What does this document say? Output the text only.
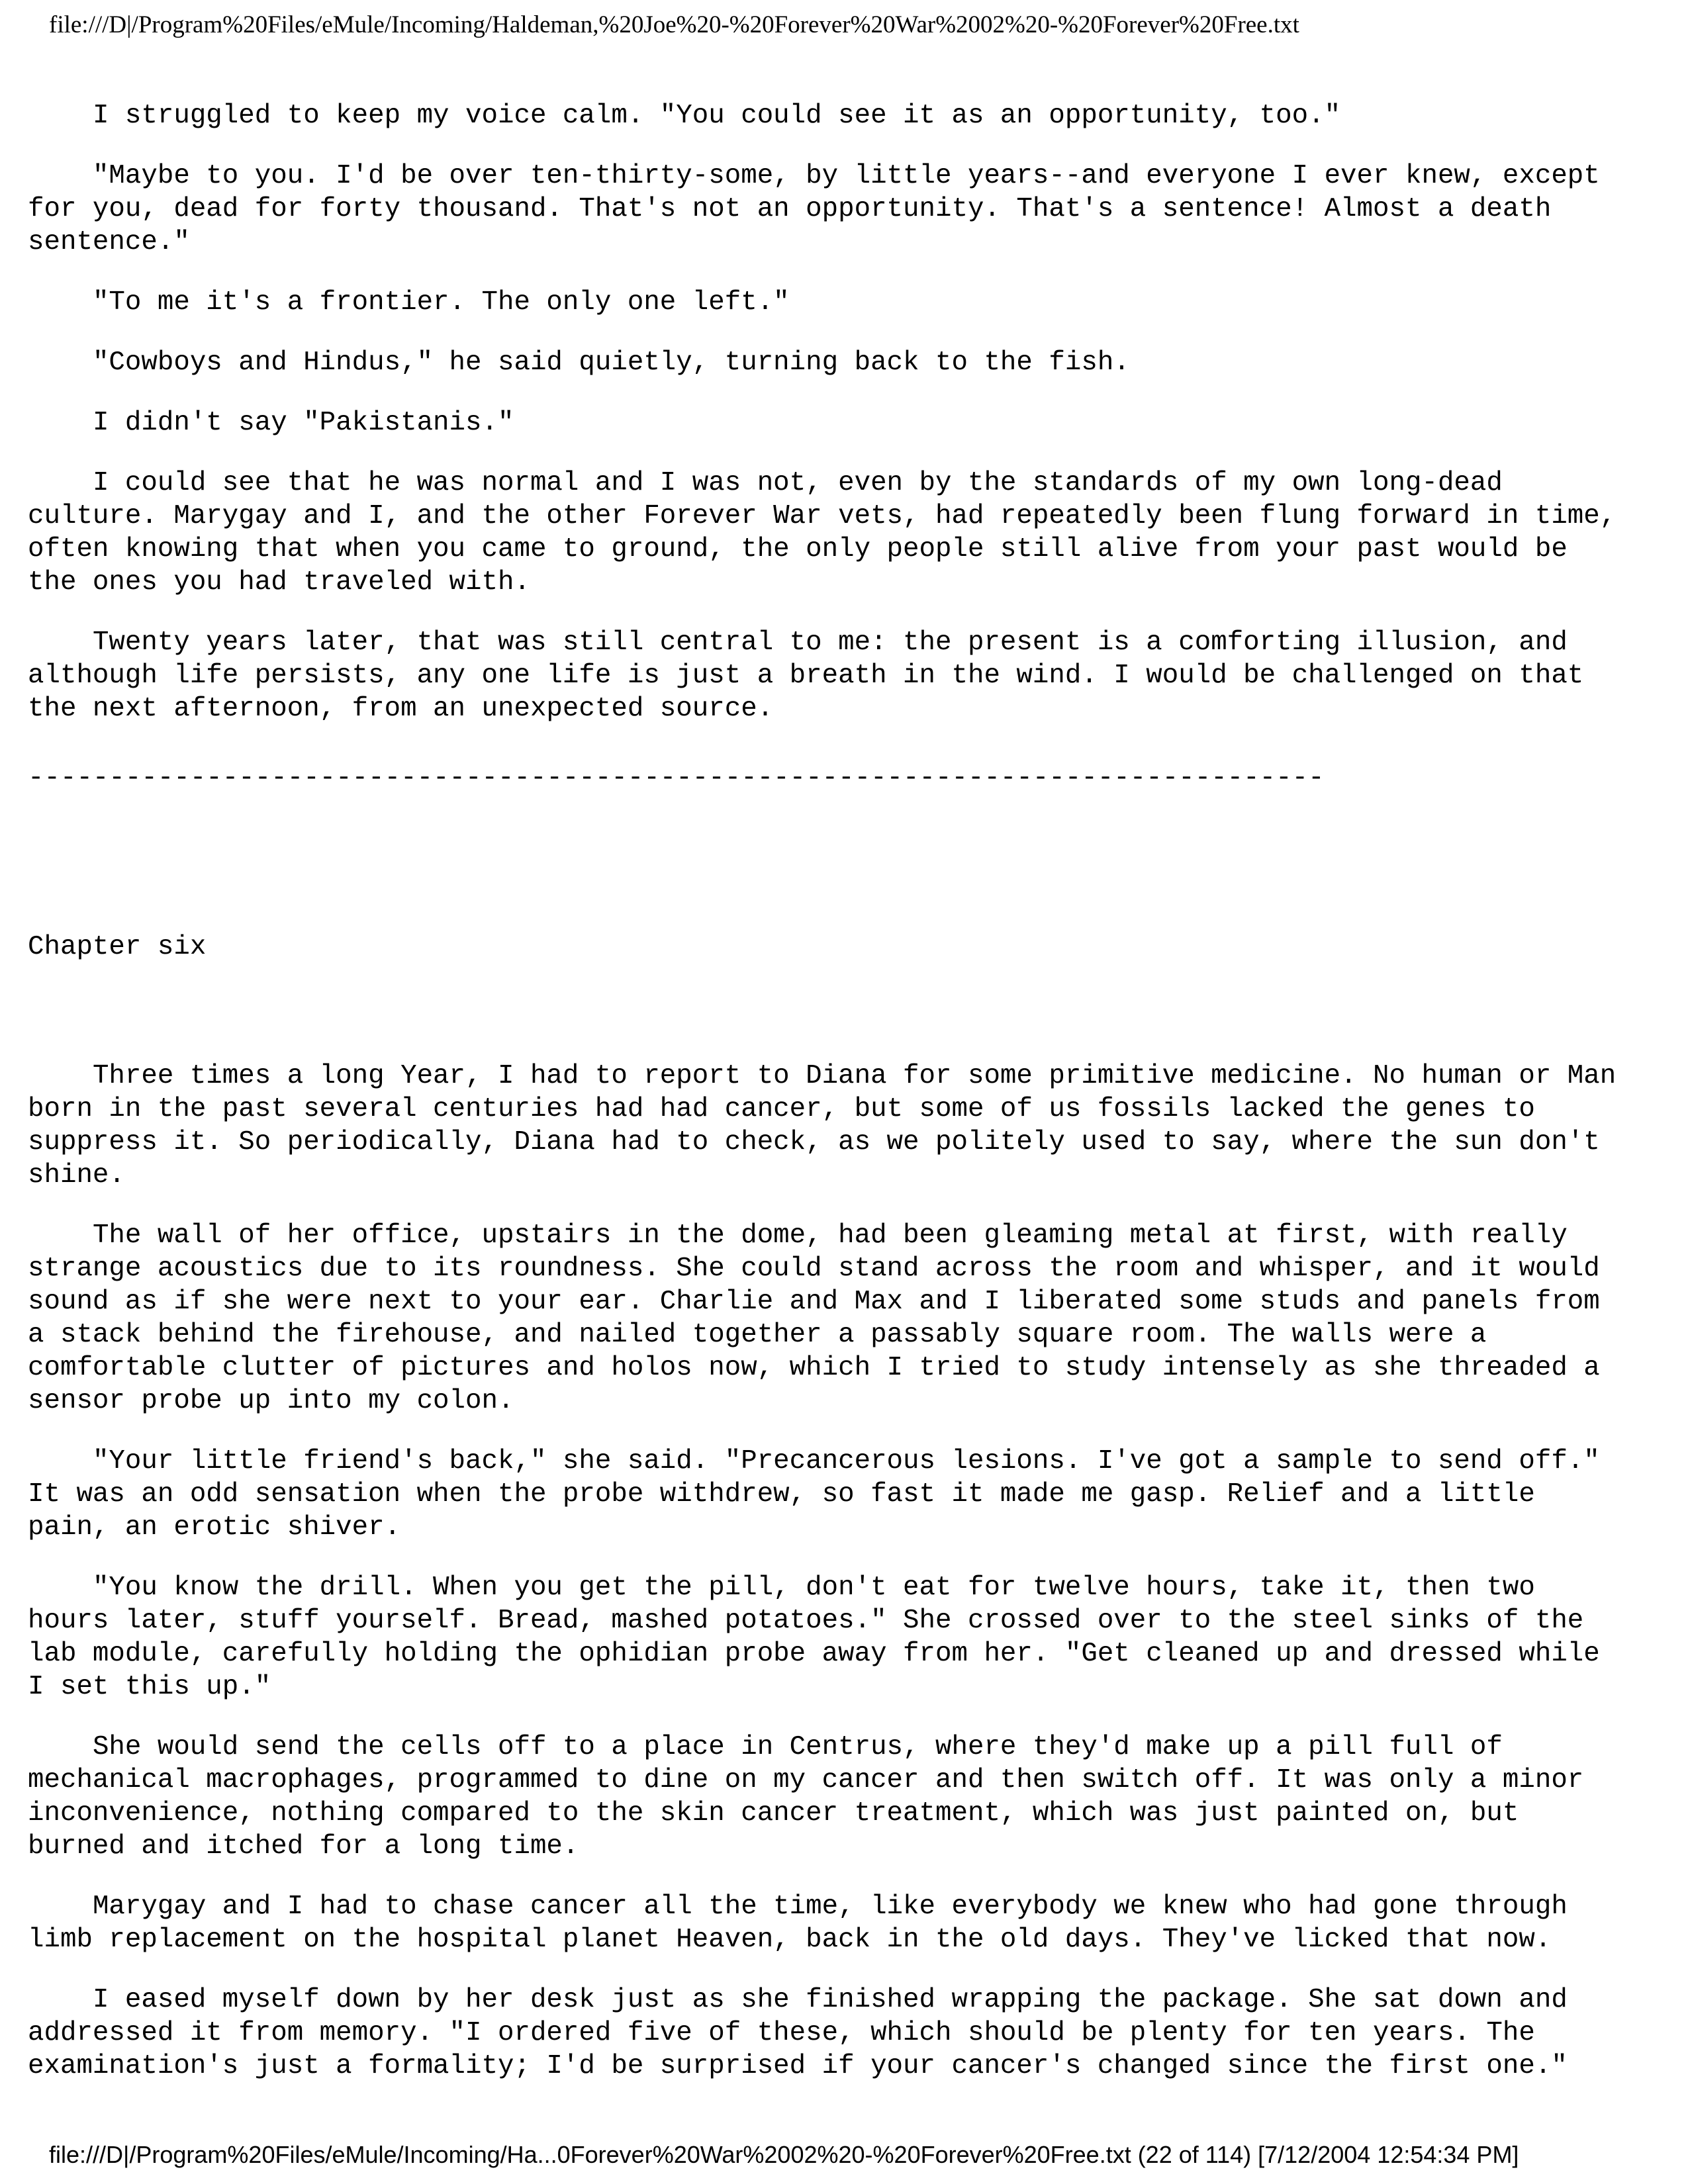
file:///D|/Program%20Files/eMule/Incoming/Haldeman,%20Joe%20-%20Forever%20War%2002%20-%20Forever%20Free.txt

I struggled to keep my voice calm. "You could see it as an opportunity, too."

"Maybe to you. I'd be over ten-thirty-some, by little years--and everyone I ever knew, except
for you, dead for forty thousand. That's not an opportunity. That's a sentence! Almost a death
sentence."

"To me it's a frontier. The only one left."

"Cowboys and Hindus," he said quietly, turning back to the fish.

I didn't say "Pakistanis."

I could see that he was normal and I was not, even by the standards of my own long-dead
culture. Marygay and I, and the other Forever War vets, had repeatedly been flung forward in time,
often knowing that when you came to ground, the only people still alive from your past would be
the ones you had traveled with.

Twenty years later, that was still central to me: the present is a comforting illusion, and
although life persists, any one life is just a breath in the wind. I would be challenged on that
the next afternoon, from an unexpected source.

--------------------------------------------------------------------------------
Chapter six

Three times a long Year, I had to report to Diana for some primitive medicine. No human or Man
born in the past several centuries had had cancer, but some of us fossils lacked the genes to
suppress it. So periodically, Diana had to check, as we politely used to say, where the sun don't
shine.

The wall of her office, upstairs in the dome, had been gleaming metal at first, with really
strange acoustics due to its roundness. She could stand across the room and whisper, and it would
sound as if she were next to your ear. Charlie and Max and I liberated some studs and panels from
a stack behind the firehouse, and nailed together a passably square room. The walls were a
comfortable clutter of pictures and holos now, which I tried to study intensely as she threaded a
sensor probe up into my colon.

"Your little friend's back," she said. "Precancerous lesions. I've got a sample to send off."
It was an odd sensation when the probe withdrew, so fast it made me gasp. Relief and a little
pain, an erotic shiver.

"You know the drill. When you get the pill, don't eat for twelve hours, take it, then two
hours later, stuff yourself. Bread, mashed potatoes." She crossed over to the steel sinks of the
lab module, carefully holding the ophidian probe away from her. "Get cleaned up and dressed while
I set this up."

She would send the cells off to a place in Centrus, where they'd make up a pill full of
mechanical macrophages, programmed to dine on my cancer and then switch off. It was only a minor
inconvenience, nothing compared to the skin cancer treatment, which was just painted on, but
burned and itched for a long time.

Marygay and I had to chase cancer all the time, like everybody we knew who had gone through
limb replacement on the hospital planet Heaven, back in the old days. They've licked that now.

I eased myself down by her desk just as she finished wrapping the package. She sat down and
addressed it from memory. "I ordered five of these, which should be plenty for ten years. The
examination's just a formality; I'd be surprised if your cancer's changed since the first one."

file:///D|/Program%20Files/eMule/Incoming/Ha...0Forever%20War%2002%20-%20Forever%20Free.txt (22 of 114) [7/12/2004 12:54:34 PM]
